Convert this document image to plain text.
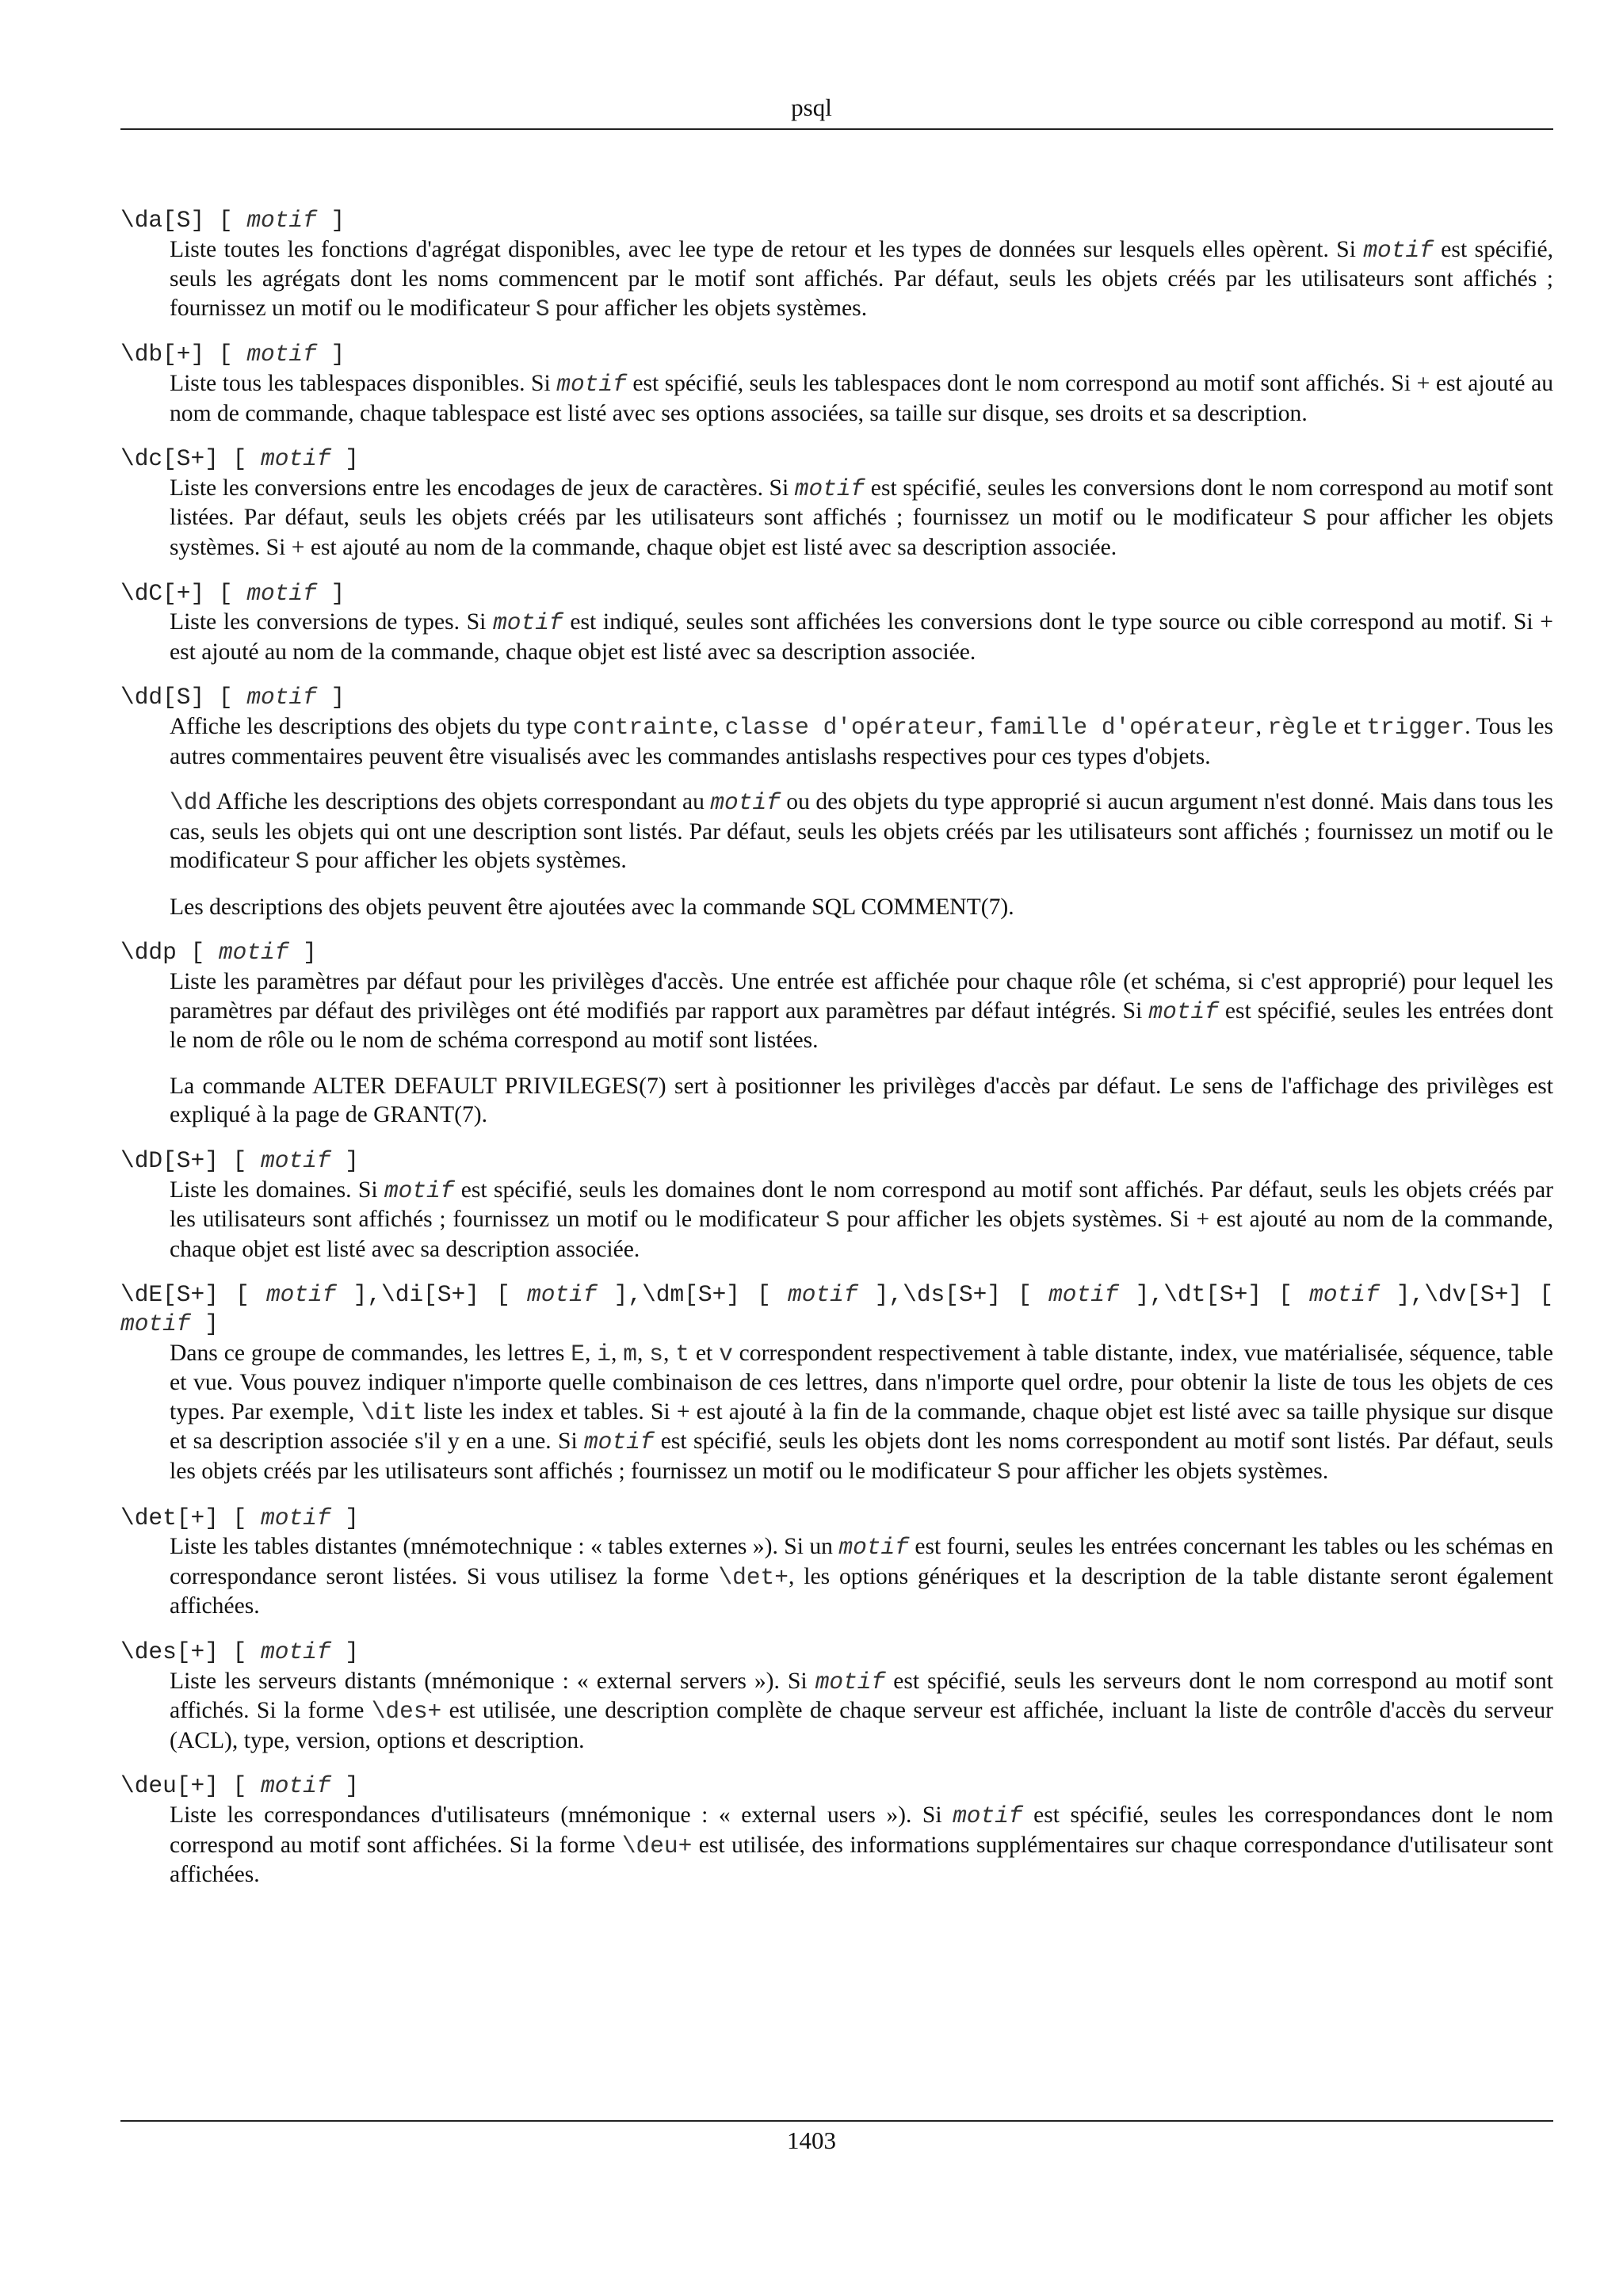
psql
\da[S] [ motif ]

Liste toutes les fonctions d'agrégat disponibles, avec lee type de retour et les types de données sur lesquels elles opèrent. Si motif est spécifié, seuls les agrégats dont les noms commencent par le motif sont affichés. Par défaut, seuls les objets créés par les utilisateurs sont affichés ; fournissez un motif ou le modificateur S pour afficher les objets systèmes.

\db[+] [ motif ]

Liste tous les tablespaces disponibles. Si motif est spécifié, seuls les tablespaces dont le nom correspond au motif sont affichés. Si + est ajouté au nom de commande, chaque tablespace est listé avec ses options associées, sa taille sur disque, ses droits et sa description.

\dc[S+] [ motif ]

Liste les conversions entre les encodages de jeux de caractères. Si motif est spécifié, seules les conversions dont le nom correspond au motif sont listées. Par défaut, seuls les objets créés par les utilisateurs sont affichés ; fournissez un motif ou le modificateur S pour afficher les objets systèmes. Si + est ajouté au nom de la commande, chaque objet est listé avec sa description associée.

\dC[+] [ motif ]

Liste les conversions de types. Si motif est indiqué, seules sont affichées les conversions dont le type source ou cible correspond au motif. Si + est ajouté au nom de la commande, chaque objet est listé avec sa description associée.

\dd[S] [ motif ]

Affiche les descriptions des objets du type contrainte, classe d'opérateur, famille d'opérateur, règle et trigger. Tous les autres commentaires peuvent être visualisés avec les commandes antislashs respectives pour ces types d'objets.

\dd Affiche les descriptions des objets correspondant au motif ou des objets du type approprié si aucun argument n'est donné. Mais dans tous les cas, seuls les objets qui ont une description sont listés. Par défaut, seuls les objets créés par les utilisateurs sont affichés ; fournissez un motif ou le modificateur S pour afficher les objets systèmes.

Les descriptions des objets peuvent être ajoutées avec la commande SQL COMMENT(7).

\ddp [ motif ]

Liste les paramètres par défaut pour les privilèges d'accès. Une entrée est affichée pour chaque rôle (et schéma, si c'est approprié) pour lequel les paramètres par défaut des privilèges ont été modifiés par rapport aux paramètres par défaut intégrés. Si motif est spécifié, seules les entrées dont le nom de rôle ou le nom de schéma correspond au motif sont listées.

La commande ALTER DEFAULT PRIVILEGES(7) sert à positionner les privilèges d'accès par défaut. Le sens de l'affichage des privilèges est expliqué à la page de GRANT(7).

\dD[S+] [ motif ]

Liste les domaines. Si motif est spécifié, seuls les domaines dont le nom correspond au motif sont affichés. Par défaut, seuls les objets créés par les utilisateurs sont affichés ; fournissez un motif ou le modificateur S pour afficher les objets systèmes. Si + est ajouté au nom de la commande, chaque objet est listé avec sa description associée.

\dE[S+] [ motif ],\di[S+] [ motif ],\dm[S+] [ motif ],\ds[S+] [ motif ],\dt[S+] [ motif ],\dv[S+] [ motif ]

Dans ce groupe de commandes, les lettres E, i, m, s, t et v correspondent respectivement à table distante, index, vue matérialisée, séquence, table et vue. Vous pouvez indiquer n'importe quelle combinaison de ces lettres, dans n'importe quel ordre, pour obtenir la liste de tous les objets de ces types. Par exemple, \dit liste les index et tables. Si + est ajouté à la fin de la commande, chaque objet est listé avec sa taille physique sur disque et sa description associée s'il y en a une. Si motif est spécifié, seuls les objets dont les noms correspondent au motif sont listés. Par défaut, seuls les objets créés par les utilisateurs sont affichés ; fournissez un motif ou le modificateur S pour afficher les objets systèmes.

\det[+] [ motif ]

Liste les tables distantes (mnémotechnique : « tables externes »). Si un motif est fourni, seules les entrées concernant les tables ou les schémas en correspondance seront listées. Si vous utilisez la forme \det+, les options génériques et la description de la table distante seront également affichées.

\des[+] [ motif ]

Liste les serveurs distants (mnémonique : « external servers »). Si motif est spécifié, seuls les serveurs dont le nom correspond au motif sont affichés. Si la forme \des+ est utilisée, une description complète de chaque serveur est affichée, incluant la liste de contrôle d'accès du serveur (ACL), type, version, options et description.

\deu[+] [ motif ]

Liste les correspondances d'utilisateurs (mnémonique : « external users »). Si motif est spécifié, seules les correspondances dont le nom correspond au motif sont affichées. Si la forme \deu+ est utilisée, des informations supplémentaires sur chaque correspondance d'utilisateur sont affichées.

1403
